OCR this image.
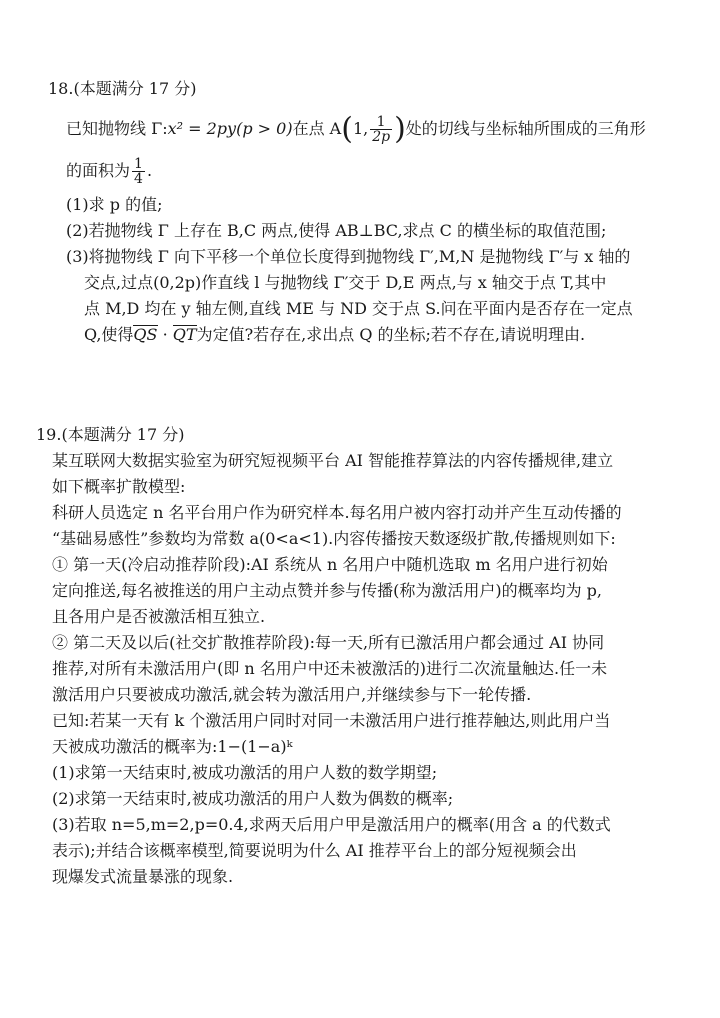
18.(本题满分 17 分)
已知抛物线 Γ:x² = 2py(p > 0)在点 A(1, $\frac{1}{2p}$ )处的切线与坐标轴所围成的三角形
的面积为 $\frac{1}{4}$ .
(1)求 p 的值;
(2)若抛物线 Γ 上存在 B,C 两点,使得 AB⊥BC,求点 C 的横坐标的取值范围;
(3)将抛物线 Γ 向下平移一个单位长度得到抛物线 Γ′,M,N 是抛物线 Γ′与 x 轴的
交点,过点(0,2p)作直线 l 与抛物线 Γ′交于 D,E 两点,与 x 轴交于点 T,其中
点 M,D 均在 y 轴左侧,直线 ME 与 ND 交于点 S.问在平面内是否存在一定点
Q,使得QS · QT为定值?若存在,求出点 Q 的坐标;若不存在,请说明理由.
19.(本题满分 17 分)
某互联网大数据实验室为研究短视频平台 AI 智能推荐算法的内容传播规律,建立
如下概率扩散模型:
科研人员选定 n 名平台用户作为研究样本.每名用户被内容打动并产生互动传播的
“基础易感性”参数均为常数 a(0<a<1).内容传播按天数逐级扩散,传播规则如下:
① 第一天(冷启动推荐阶段):AI 系统从 n 名用户中随机选取 m 名用户进行初始
定向推送,每名被推送的用户主动点赞并参与传播(称为激活用户)的概率均为 p,
且各用户是否被激活相互独立.
② 第二天及以后(社交扩散推荐阶段):每一天,所有已激活用户都会通过 AI 协同
推荐,对所有未激活用户(即 n 名用户中还未被激活的)进行二次流量触达.任一未
激活用户只要被成功激活,就会转为激活用户,并继续参与下一轮传播.
已知:若某一天有 k 个激活用户同时对同一未激活用户进行推荐触达,则此用户当
天被成功激活的概率为:1−(1−a)ᵏ
(1)求第一天结束时,被成功激活的用户人数的数学期望;
(2)求第一天结束时,被成功激活的用户人数为偶数的概率;
(3)若取 n=5,m=2,p=0.4,求两天后用户甲是激活用户的概率(用含 a 的代数式
表示);并结合该概率模型,简要说明为什么 AI 推荐平台上的部分短视频会出
现爆发式流量暴涨的现象.
